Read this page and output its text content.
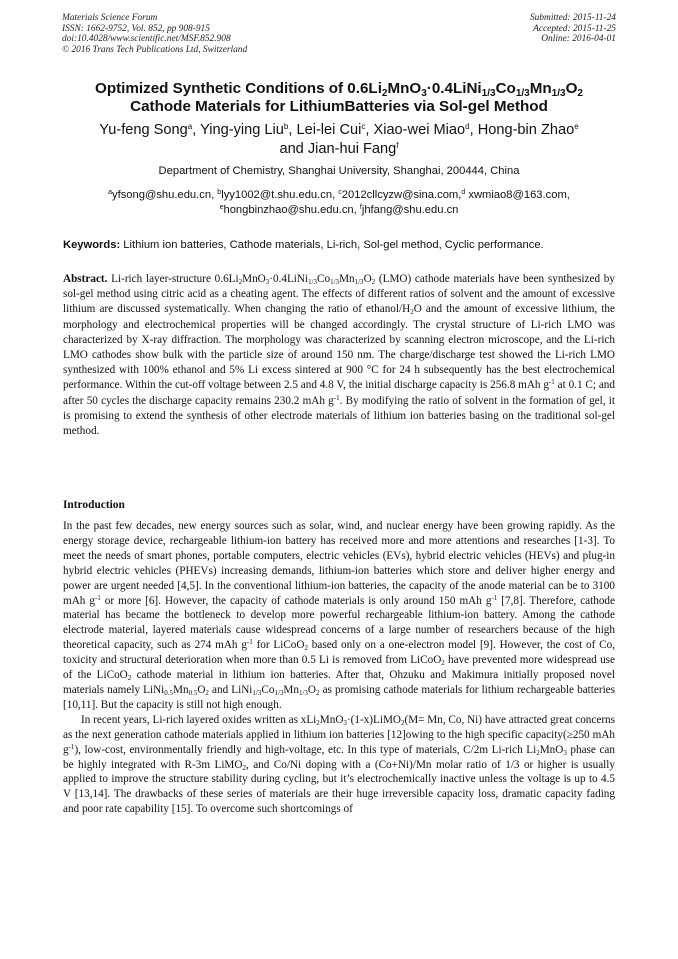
Materials Science Forum
ISSN: 1662-9752, Vol. 852, pp 908-915
doi:10.4028/www.scientific.net/MSF.852.908
© 2016 Trans Tech Publications Ltd, Switzerland
Submitted: 2015-11-24
Accepted: 2015-11-25
Online: 2016-04-01
Optimized Synthetic Conditions of $0.6Li_2MnO_3\cdot 0.4LiNi_{1/3}Co_{1/3}Mn_{1/3}O_2$
Cathode Materials for LithiumBatteries via Sol-gel Method
Yu-feng Song$^a$, Ying-ying Liu$^b$, Lei-lei Cui$^c$, Xiao-wei Miao$^d$, Hong-bin Zhao$^e$
and Jian-hui Fang$^f$
Department of Chemistry, Shanghai University, Shanghai, 200444, China
$^a$yfsong@shu.edu.cn, $^b$lyy1002@t.shu.edu.cn, $^c$2012cllcyzw@sina.com,$^d$ xwmiao8@163.com,
$^e$hongbinzhao@shu.edu.cn, $^f$jhfang@shu.edu.cn
Keywords: Lithium ion batteries, Cathode materials, Li-rich, Sol-gel method, Cyclic performance.
Abstract. Li-rich layer-structure $0.6Li_2MnO_3\cdot 0.4LiNi_{1/3}Co_{1/3}Mn_{1/3}O_2$ (LMO) cathode materials have been synthesized by sol-gel method using citric acid as a cheating agent. The effects of different ratios of solvent and the amount of excessive lithium are discussed systematically. When changing the ratio of ethanol/$H_2O$ and the amount of excessive lithium, the morphology and electrochemical properties will be changed accordingly. The crystal structure of Li-rich LMO was characterized by X-ray diffraction. The morphology was characterized by scanning electron microscope, and the Li-rich LMO cathodes show bulk with the particle size of around 150 nm. The charge/discharge test showed the Li-rich LMO synthesized with 100% ethanol and 5% Li excess sintered at 900 °C for 24 h subsequently has the best electrochemical performance. Within the cut-off voltage between 2.5 and 4.8 V, the initial discharge capacity is 256.8 mAh $g^{-1}$ at 0.1 C; and after 50 cycles the discharge capacity remains 230.2 mAh $g^{-1}$. By modifying the ratio of solvent in the formation of gel, it is promising to extend the synthesis of other electrode materials of lithium ion batteries basing on the traditional sol-gel method.
Introduction

In the past few decades, new energy sources such as solar, wind, and nuclear energy have been growing rapidly. As the energy storage device, rechargeable lithium-ion battery has received more and more attentions and researches [1-3]. To meet the needs of smart phones, portable computers, electric vehicles (EVs), hybrid electric vehicles (HEVs) and plug-in hybrid electric vehicles (PHEVs) increasing demands, lithium-ion batteries which store and deliver higher energy and power are urgent needed [4,5]. In the conventional lithium-ion batteries, the capacity of the anode material can be to 3100 mAh $g^{-1}$ or more [6]. However, the capacity of cathode materials is only around 150 mAh $g^{-1}$ [7,8]. Therefore, cathode material has became the bottleneck to develop more powerful rechargeable lithium-ion battery. Among the cathode electrode material, layered materials cause widespread concerns of a large number of researchers because of the high theoretical capacity, such as 274 mAh $g^{-1}$ for LiCoO$_2$ based only on a one-electron model [9]. However, the cost of Co, toxicity and structural deterioration when more than 0.5 Li is removed from LiCoO$_2$ have prevented more widespread use of the LiCoO$_2$ cathode material in lithium ion batteries. After that, Ohzuku and Makimura initially proposed novel materials namely $LiNi_{0.5}Mn_{0.5}O_2$ and $LiNi_{1/3}Co_{1/3}Mn_{1/3}O_2$ as promising cathode materials for lithium rechargeable batteries [10,11]. But the capacity is still not high enough.

In recent years, Li-rich layered oxides written as xLi$_2$MnO$_3$·(1-x)LiMO$_2$(M= Mn, Co, Ni) have attracted great concerns as the next generation cathode materials applied in lithium ion batteries [12]owing to the high specific capacity(≥250 mAh $g^{-1}$), low-cost, environmentally friendly and high-voltage, etc. In this type of materials, C/2m Li-rich $Li_2MnO_3$ phase can be highly integrated with R-3m LiMO$_2$, and Co/Ni doping with a (Co+Ni)/Mn molar ratio of 1/3 or higher is usually applied to improve the structure stability during cycling, but it’s electrochemically inactive unless the voltage is up to 4.5 V [13,14]. The drawbacks of these series of materials are their huge irreversible capacity loss, dramatic capacity fading and poor rate capability [15]. To overcome such shortcomings of
